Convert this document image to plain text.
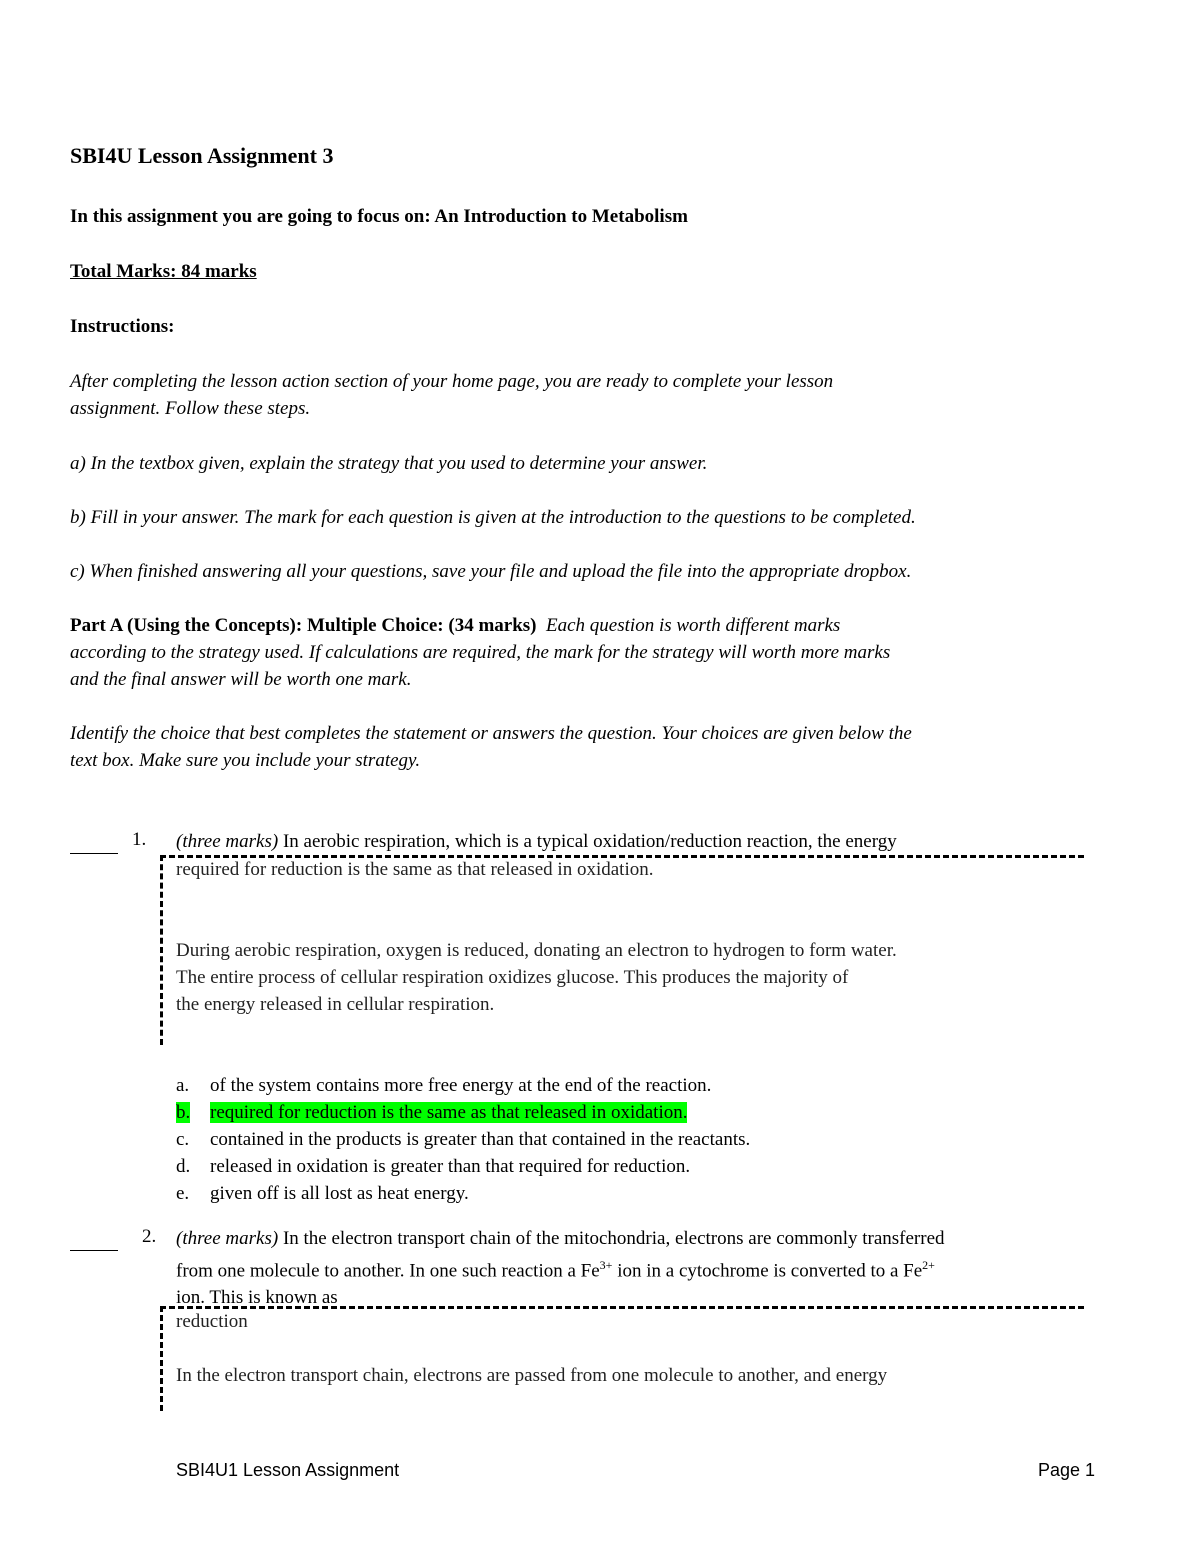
SBI4U Lesson Assignment 3
In this assignment you are going to focus on: An Introduction to Metabolism
Total Marks: 84 marks
Instructions:
After completing the lesson action section of your home page, you are ready to complete your lesson
assignment. Follow these steps.
a) In the textbox given, explain the strategy that you used to determine your answer.
b) Fill in your answer. The mark for each question is given at the introduction to the questions to be completed.
c) When finished answering all your questions, save your file and upload the file into the appropriate dropbox.
Part A (Using the Concepts): Multiple Choice: (34 marks) Each question is worth different marks
according to the strategy used. If calculations are required, the mark for the strategy will worth more marks
and the final answer will be worth one mark.
Identify the choice that best completes the statement or answers the question. Your choices are given below the
text box. Make sure you include your strategy.
1. (three marks) In aerobic respiration, which is a typical oxidation/reduction reaction, the energy
required for reduction is the same as that released in oxidation.
During aerobic respiration, oxygen is reduced, donating an electron to hydrogen to form water.
The entire process of cellular respiration oxidizes glucose. This produces the majority of
the energy released in cellular respiration.
a. of the system contains more free energy at the end of the reaction.
b. required for reduction is the same as that released in oxidation.
c. contained in the products is greater than that contained in the reactants.
d. released in oxidation is greater than that required for reduction.
e. given off is all lost as heat energy.
2. (three marks) In the electron transport chain of the mitochondria, electrons are commonly transferred
from one molecule to another. In one such reaction a $Fe^{3+}$ ion in a cytochrome is converted to a $Fe^{2+}$
ion. This is known as
reduction
In the electron transport chain, electrons are passed from one molecule to another, and energy
SBI4U1 Lesson Assignment	Page 1
